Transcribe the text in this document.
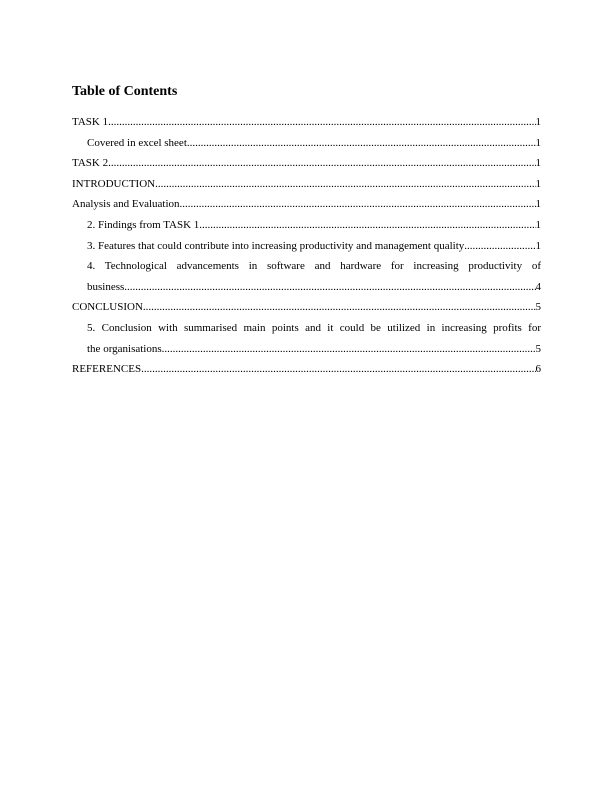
Table of Contents
TASK 1 .....	1
Covered in excel sheet .....	1
TASK 2 .....	1
INTRODUCTION .....	1
Analysis and Evaluation .....	1
2. Findings from TASK 1 .....	1
3. Features that could contribute into increasing productivity and management quality .....	1
4. Technological advancements in software and hardware for increasing productivity of
business .....	4
CONCLUSION .....	5
5. Conclusion with summarised main points and it could be utilized in increasing profits for
the organisations .....	5
REFERENCES .....	6
